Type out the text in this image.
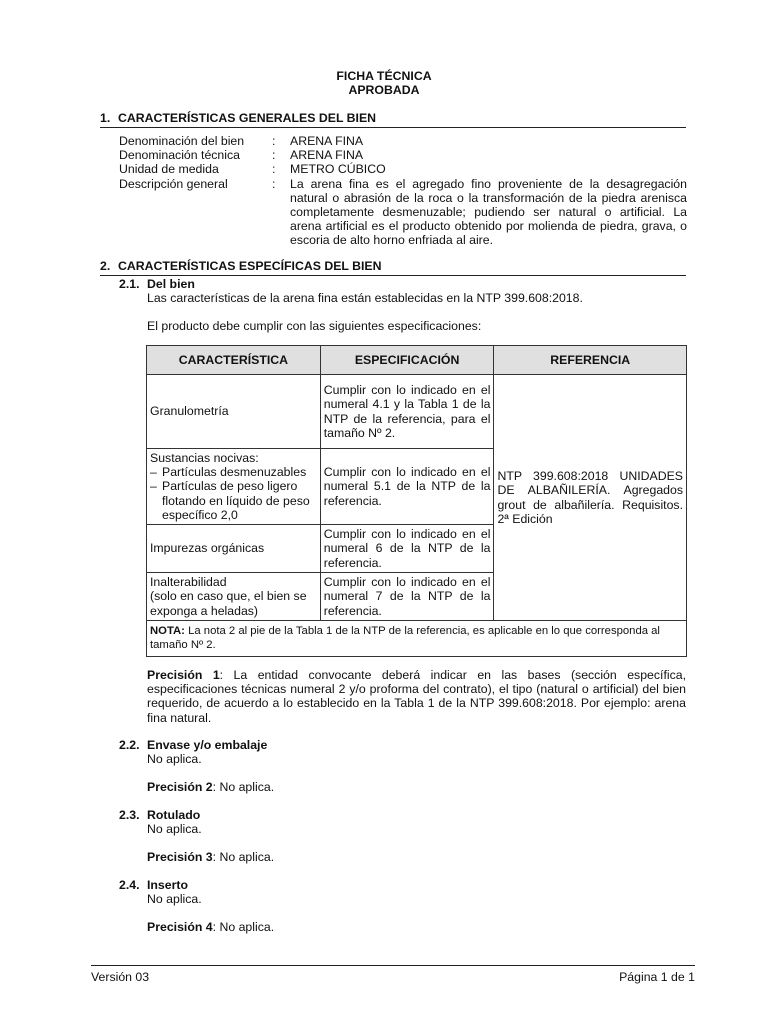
FICHA TÉCNICA
APROBADA
1. CARACTERÍSTICAS GENERALES DEL BIEN
Denominación del bien	:	ARENA FINA
Denominación técnica	:	ARENA FINA
Unidad de medida	:	METRO CÚBICO
Descripción general	:	La arena fina es el agregado fino proveniente de la desagregación natural o abrasión de la roca o la transformación de la piedra arenisca completamente desmenuzable; pudiendo ser natural o artificial. La arena artificial es el producto obtenido por molienda de piedra, grava, o escoria de alto horno enfriada al aire.
2. CARACTERÍSTICAS ESPECÍFICAS DEL BIEN
2.1. Del bien
Las características de la arena fina están establecidas en la NTP 399.608:2018.
El producto debe cumplir con las siguientes especificaciones:
CARACTERÍSTICA	ESPECIFICACIÓN	REFERENCIA
Granulometría	Cumplir con lo indicado en el numeral 4.1 y la Tabla 1 de la NTP de la referencia, para el tamaño Nº 2.	NTP 399.608:2018 UNIDADES DE ALBAÑILERÍA. Agregados grout de albañilería. Requisitos. 2ª Edición

Sustancias nocivas:
– Partículas desmenuzables
– Partículas de peso ligero flotando en líquido de peso específico 2,0	Cumplir con lo indicado en el numeral 5.1 de la NTP de la referencia.	
Impurezas orgánicas	Cumplir con lo indicado en el numeral 6 de la NTP de la referencia.	

Inalterabilidad
(solo en caso que, el bien se exponga a heladas)	Cumplir con lo indicado en el numeral 7 de la NTP de la referencia.	
NOTA: La nota 2 al pie de la Tabla 1 de la NTP de la referencia, es aplicable en lo que corresponda al tamaño Nº 2.		
Precisión 1: La entidad convocante deberá indicar en las bases (sección específica, especificaciones técnicas numeral 2 y/o proforma del contrato), el tipo (natural o artificial) del bien requerido, de acuerdo a lo establecido en la Tabla 1 de la NTP 399.608:2018. Por ejemplo: arena fina natural.
2.2. Envase y/o embalaje
No aplica.
Precisión 2: No aplica.
2.3. Rotulado
No aplica.
Precisión 3: No aplica.
2.4. Inserto
No aplica.
Precisión 4: No aplica.
Versión 03	Página 1 de 1
